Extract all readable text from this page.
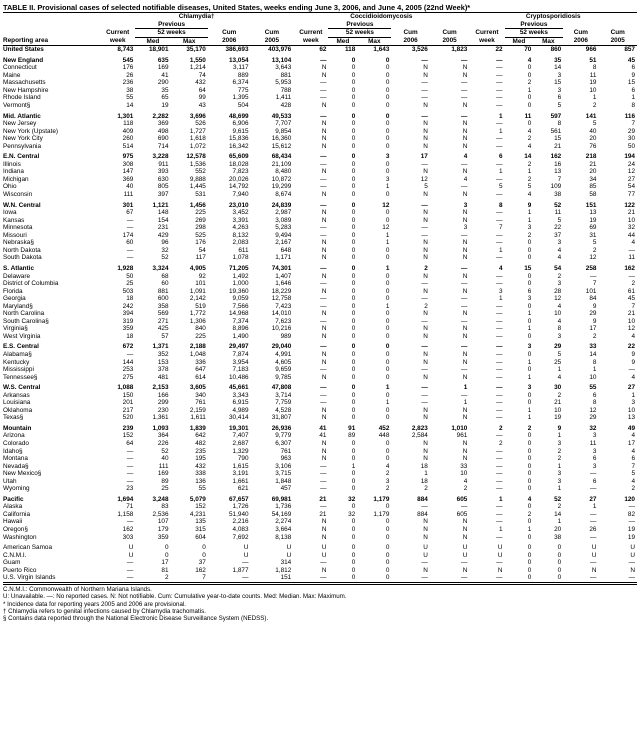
TABLE II. Provisional cases of selected notifiable diseases, United States, weeks ending June 3, 2006, and June 4, 2005 (22nd Week)*
	Chlamydia†					Coccidioidomycosis					Cryptosporidiosis				
		Previous					Previous					Previous			
	Current	52 weeks		Cum	Cum	Current	52 weeks		Cum	Cum	Current	52 weeks		Cum	Cum
Reporting area	week	Med	Max	2006	2005	week	Med	Max	2006	2005	week	Med	Max	2006	2005
United States	8,743	18,901	35,170	386,693	403,976	62	118	1,643	3,526	1,823	22	70	860	966	857
New England	545	635	1,550	13,054	13,104	—	0	0	—	—	—	4	35	51	45
Connecticut	176	169	1,214	3,117	3,643	N	0	0	N	N	—	0	14	8	6
Maine	26	41	74	889	881	N	0	0	N	N	—	0	3	11	9
Massachusetts	236	290	432	6,374	5,953	—	0	0	—	—	—	2	15	19	15
New Hampshire	38	35	64	775	788	—	0	0	—	—	—	1	3	10	6
Rhode Island	55	65	99	1,395	1,411	—	0	0	—	—	—	0	6	1	1
Vermont§	14	19	43	504	428	N	0	0	N	N	—	0	5	2	8
Mid. Atlantic	1,301	2,282	3,696	48,699	49,533	—	0	0	—	—	1	11	597	141	116
New Jersey	118	369	526	6,906	7,707	N	0	0	N	N	—	0	8	5	7
New York (Upstate)	409	498	1,727	9,615	9,854	N	0	0	N	N	1	4	561	40	29
New York City	260	690	1,618	15,836	16,360	N	0	0	N	N	—	2	15	20	30
Pennsylvania	514	714	1,072	16,342	15,612	N	0	0	N	N	—	4	21	76	50
E.N. Central	975	3,228	12,578	65,609	68,434	—	0	3	17	4	6	14	162	218	194
Illinois	308	911	1,536	18,028	21,109	—	0	0	—	—	—	2	16	21	24
Indiana	147	393	552	7,823	8,480	N	0	0	N	N	1	1	13	20	12
Michigan	369	630	9,888	20,026	10,872	—	0	3	12	4	—	2	7	34	27
Ohio	40	805	1,445	14,792	19,299	—	0	1	5	—	5	5	109	85	54
Wisconsin	111	397	531	7,940	8,674	N	0	0	N	N	—	4	38	58	77
W.N. Central	301	1,121	1,456	23,010	24,839	—	0	12	—	3	8	9	52	151	122
Iowa	67	148	225	3,452	2,987	N	0	0	N	N	—	1	11	13	21
Kansas	—	154	269	3,391	3,089	N	0	0	N	N	—	1	5	19	10
Minnesota	—	231	298	4,263	5,283	—	0	12	—	3	7	3	22	69	32
Missouri	174	429	525	8,132	9,494	—	0	1	—	—	—	2	37	31	44
Nebraska§	60	96	176	2,083	2,167	N	0	1	N	N	—	0	3	5	4
North Dakota	—	32	54	611	648	N	0	0	N	N	1	0	4	2	—
South Dakota	—	52	117	1,078	1,171	N	0	0	N	N	—	0	4	12	11
S. Atlantic	1,928	3,324	4,905	71,205	74,301	—	0	1	2	—	4	15	54	258	162
Delaware	50	68	92	1,492	1,407	N	0	0	N	N	—	0	2	—	—
District of Columbia	25	60	101	1,000	1,646	—	0	0	—	—	—	0	3	7	2
Florida	503	881	1,091	19,360	18,229	N	0	0	N	N	3	6	28	101	61
Georgia	18	600	2,142	9,059	12,758	—	0	0	—	—	1	3	12	84	45
Maryland§	242	358	519	7,566	7,423	—	0	1	2	—	—	0	4	9	7
North Carolina	394	569	1,772	14,968	14,010	N	0	0	N	N	—	1	10	29	21
South Carolina§	319	271	1,306	7,374	7,623	—	0	0	—	—	—	0	4	9	10
Virginia§	359	425	840	8,896	10,216	N	0	0	N	N	—	1	8	17	12
West Virginia	18	57	225	1,490	989	N	0	0	N	N	—	0	3	2	4
E.S. Central	672	1,371	2,188	29,497	29,040	—	0	0	—	—	—	3	29	33	22
Alabama§	—	352	1,048	7,874	4,991	N	0	0	N	N	—	0	5	14	9
Kentucky	144	153	336	3,954	4,605	N	0	0	N	N	—	1	25	8	9
Mississippi	253	378	647	7,183	9,659	—	0	0	—	—	—	0	1	1	—
Tennessee§	275	481	614	10,486	9,785	N	0	0	N	N	—	1	4	10	4
W.S. Central	1,088	2,153	3,605	45,661	47,808	—	0	1	—	1	—	3	30	55	27
Arkansas	150	166	340	3,343	3,714	—	0	0	—	—	—	0	2	6	1
Louisiana	201	299	761	6,915	7,759	—	0	1	—	1	—	0	21	8	3
Oklahoma	217	230	2,159	4,989	4,528	N	0	0	N	N	—	1	10	12	10
Texas§	520	1,361	1,611	30,414	31,807	N	0	0	N	N	—	1	19	29	13
Mountain	239	1,093	1,839	19,301	26,936	41	91	452	2,823	1,010	2	2	9	32	49
Arizona	152	364	642	7,407	9,779	41	89	448	2,584	961	—	0	1	3	4
Colorado	64	226	482	2,687	6,307	N	0	0	N	N	2	0	3	11	17
Idaho§	—	52	235	1,329	761	N	0	0	N	N	—	0	2	3	4
Montana	—	40	195	790	963	N	0	0	N	N	—	0	2	6	6
Nevada§	—	111	432	1,615	3,106	—	1	4	18	33	—	0	1	3	7
New Mexico§	—	169	338	3,191	3,715	—	0	2	1	10	—	0	3	—	5
Utah	—	89	136	1,661	1,848	—	0	3	18	4	—	0	3	6	4
Wyoming	23	25	55	621	457	—	0	2	2	2	—	0	1	—	2
Pacific	1,694	3,248	5,079	67,657	69,981	21	32	1,179	884	605	1	4	52	27	120
Alaska	71	83	152	1,726	1,736	—	0	0	—	—	—	0	2	1	—
California	1,158	2,536	4,231	51,940	54,169	21	32	1,179	884	605	—	2	14	—	82
Hawaii	—	107	135	2,216	2,274	N	0	0	N	N	—	0	1	—	—
Oregon§	162	179	315	4,083	3,664	N	0	0	N	N	1	1	20	26	19
Washington	303	359	604	7,692	8,138	N	0	0	N	N	—	0	38	—	19
American Samoa	U	0	0	U	U	U	0	0	U	U	U	0	0	U	U
C.N.M.I.	U	0	0	U	U	U	0	0	U	U	U	0	0	U	U
Guam	—	17	37	—	314	—	0	0	—	—	—	0	0	—	—
Puerto Rico	—	81	162	1,877	1,812	N	0	0	N	N	N	0	0	N	N
U.S. Virgin Islands	—	2	7	—	151	—	0	0	—	—	—	0	0	—	—
C.N.M.I.: Commonwealth of Northern Mariana Islands.
U: Unavailable. —: No reported cases. N: Not notifiable. Cum: Cumulative year-to-date counts. Med: Median. Max: Maximum.
* Incidence data for reporting years 2005 and 2006 are provisional.
† Chlamydia refers to genital infections caused by Chlamydia trachomatis.
§ Contains data reported through the National Electronic Disease Surveillance System (NEDSS).
